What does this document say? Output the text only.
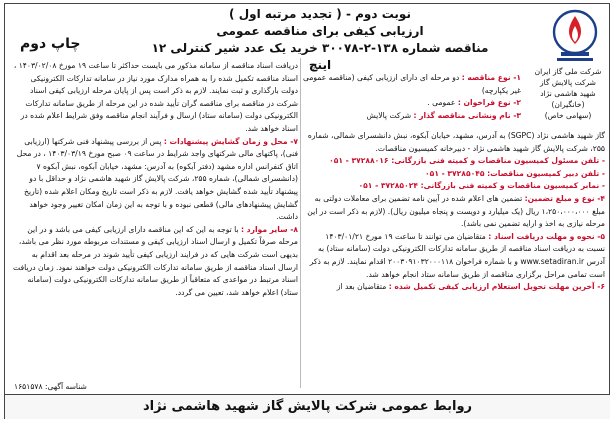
شرکت ملی گاز ایران
شرکت پالایش گاز
شهید هاشمی نژاد (خانگیران)
(سهامی خاص)
نوبت دوم - ( تجدید مرتبه اول )
ارزیابی کیفی برای مناقصه عمومی
مناقصه شماره ۱۳۸-۲-۳۰۰۷۸ خرید یک عدد شیر کنترلی ۱۲ اینچ
چاپ دوم

۱- نوع مناقصه : دو مرحله ای دارای ارزیابی کیفی (مناقصه عمومی غیر یکپارچه)

۲- نوع فراخوان : عمومی .

۳- نام ونشانی مناقصه گذار : شرکت پالایش

گاز شهید هاشمی نژاد (SGPC) به آدرس، مشهد، خیابان آبکوه، نبش دانشسرای شمالی، شماره ۲۵۵، شرکت پالایش گاز شهید هاشمی نژاد - دبیرخانه کمیسیون مناقصات.

- تلفن مسئول کمیسیون مناقصات و کمیته فنی بازرگانی: ۳۷۲۸۸۰۱۶ - ۰۵۱

- تلفن دبیر کمیسیون مناقصات: ۳۷۲۸۵۰۴۵ - ۰۵۱

- نمابر کمیسیون مناقصات و کمیته فنی بازرگانی: ۳۷۲۸۵۰۲۴ - ۰۵۱

۴- نوع و مبلغ تضمین: تضمین های اعلام شده در آیین نامه تضمین برای معاملات دولتی به مبلغ ۱،۲۵۰،۰۰۰،۰۰۰ ریال (یک میلیارد و دویست و پنجاه میلیون ریال). (لازم به ذکر است در این مرحله نیازی به اخذ و ارایه تضمین نمی باشد).

۵- نحوه و مهلت دریافت اسناد : متقاضیان می توانند تا ساعت ۱۹ مورخ ۱۴۰۳/۰۱/۲۱ نسبت به دریافت اسناد مناقصه از طریق سامانه تدارکات الکترونیکی دولت (سامانه ستاد) به آدرس www.setadiran.ir و با شماره فراخوان ۲۰۰۳۰۹۱۰۳۲۰۰۰۱۱۸ اقدام نمایند. لازم به ذکر است تمامی مراحل برگزاری مناقصه از طریق سامانه ستاد انجام خواهد شد.

۶- آخرین مهلت تحویل استعلام ارزیابی کیفی تکمیل شده : متقاضیان بعد از

دریافت اسناد مناقصه از سامانه مذکور می بایست حداکثر تا ساعت ۱۹ مورخ ۱۴۰۳/۰۲/۰۸ ، اسناد مناقصه تکمیل شده را به همراه مدارک مورد نیاز در سامانه تدارکات الکترونیکی دولت بارگذاری و ثبت نمایند. لازم به ذکر است پس از پایان مرحله ارزیابی کیفی اسناد شرکت در مناقصه برای مناقصه گران تأیید شده در این مرحله از طریق سامانه تدارکات الکترونیکی دولت (سامانه ستاد) ارسال و فرآیند انجام مناقصه وفق شرایط اعلام شده در اسناد خواهد شد.

۷- محل و زمان گشایش پیشنهادات : پس از بررسی پیشنهاد فنی شرکتها (ارزیابی فنی)، پاکتهای مالی شرکتهای واجد شرایط در ساعت ۰۹ صبح مورخ ۱۴۰۳/۰۳/۱۹ ، در محل اتاق کنفرانس اداره مشهد (دفتر آبکوه) به آدرس: مشهد، خیابان آبکوه، نبش آبکوه ۷ (دانشسرای شمالی)، شماره ۲۵۵، شرکت پالایش گاز شهید هاشمی نژاد و حداقل با دو پیشنهاد تأیید شده گشایش خواهد یافت. لازم به ذکر است تاریخ ومکان اعلام شده (تاریخ گشایش پیشنهادهای مالی) قطعی نبوده و با توجه به این زمان امکان تغییر وجود خواهد داشت.

۸- سایر موارد : با توجه به این که این مناقصه دارای ارزیابی کیفی می باشد و در این مرحله صرفاً تکمیل و ارسال اسناد ارزیابی کیفی و مستندات مربوطه مورد نظر می باشد، بدیهی است شرکت هایی که در فرایند ارزیابی کیفی تأیید شوند در مرحله بعد اقدام به ارسال اسناد مناقصه از طریق سامانه تدارکات الکترونیکی دولت خواهند نمود. زمان دریافت اسناد مرتبط در مواعدی که متعاقباً از طریق سامانه تدارکات الکترونیکی دولت (سامانه ستاد) اعلام خواهد شد، تعیین می گردد.

شناسه آگهی: ۱۶۵۱۵۷۸
روابط عمومی شرکت پالایش گاز شهید هاشمی نژاد
